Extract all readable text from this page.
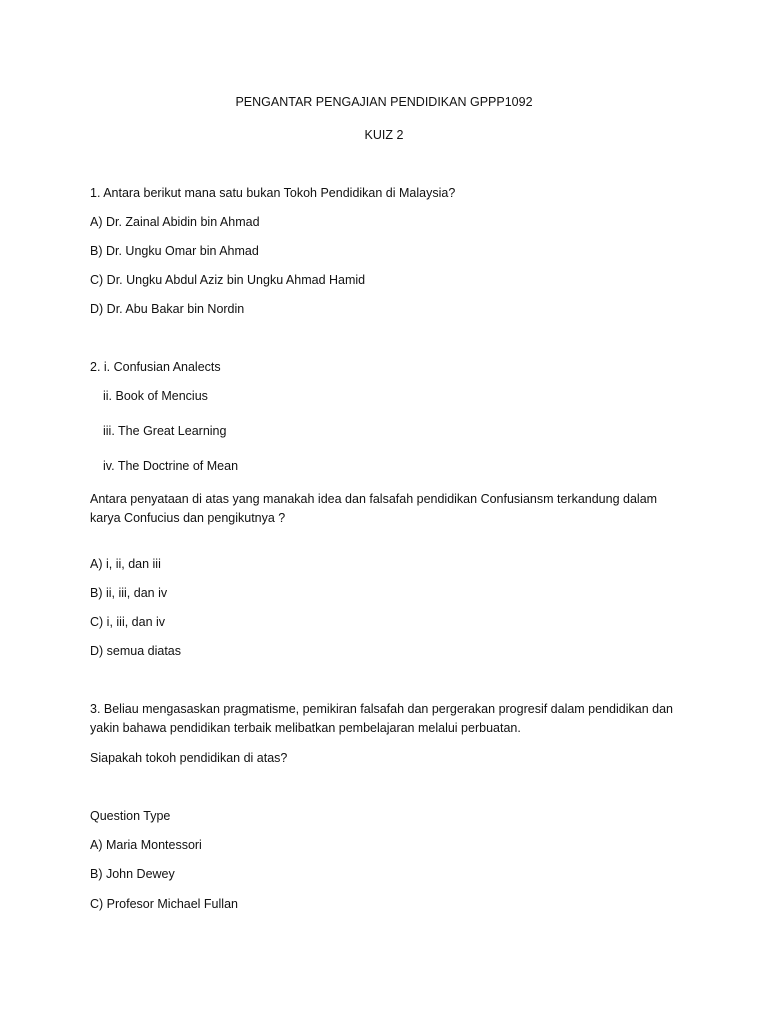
PENGANTAR PENGAJIAN PENDIDIKAN GPPP1092
KUIZ 2
1. Antara berikut mana satu bukan Tokoh Pendidikan di Malaysia?
A) Dr. Zainal Abidin bin Ahmad
B) Dr. Ungku Omar bin Ahmad
C) Dr. Ungku Abdul Aziz bin Ungku Ahmad Hamid
D) Dr. Abu Bakar bin Nordin
2. i. Confusian Analects
ii. Book of Mencius
iii. The Great Learning
iv. The Doctrine of Mean
Antara penyataan di atas yang manakah idea dan falsafah pendidikan Confusiansm terkandung dalam karya Confucius dan pengikutnya ?
A) i, ii, dan iii
B) ii, iii, dan iv
C) i, iii, dan iv
D) semua diatas
3. Beliau mengasaskan pragmatisme, pemikiran falsafah dan pergerakan progresif dalam pendidikan dan yakin bahawa pendidikan terbaik melibatkan pembelajaran melalui perbuatan.
Siapakah tokoh pendidikan di atas?
Question Type
A) Maria Montessori
B) John Dewey
C) Profesor Michael Fullan
